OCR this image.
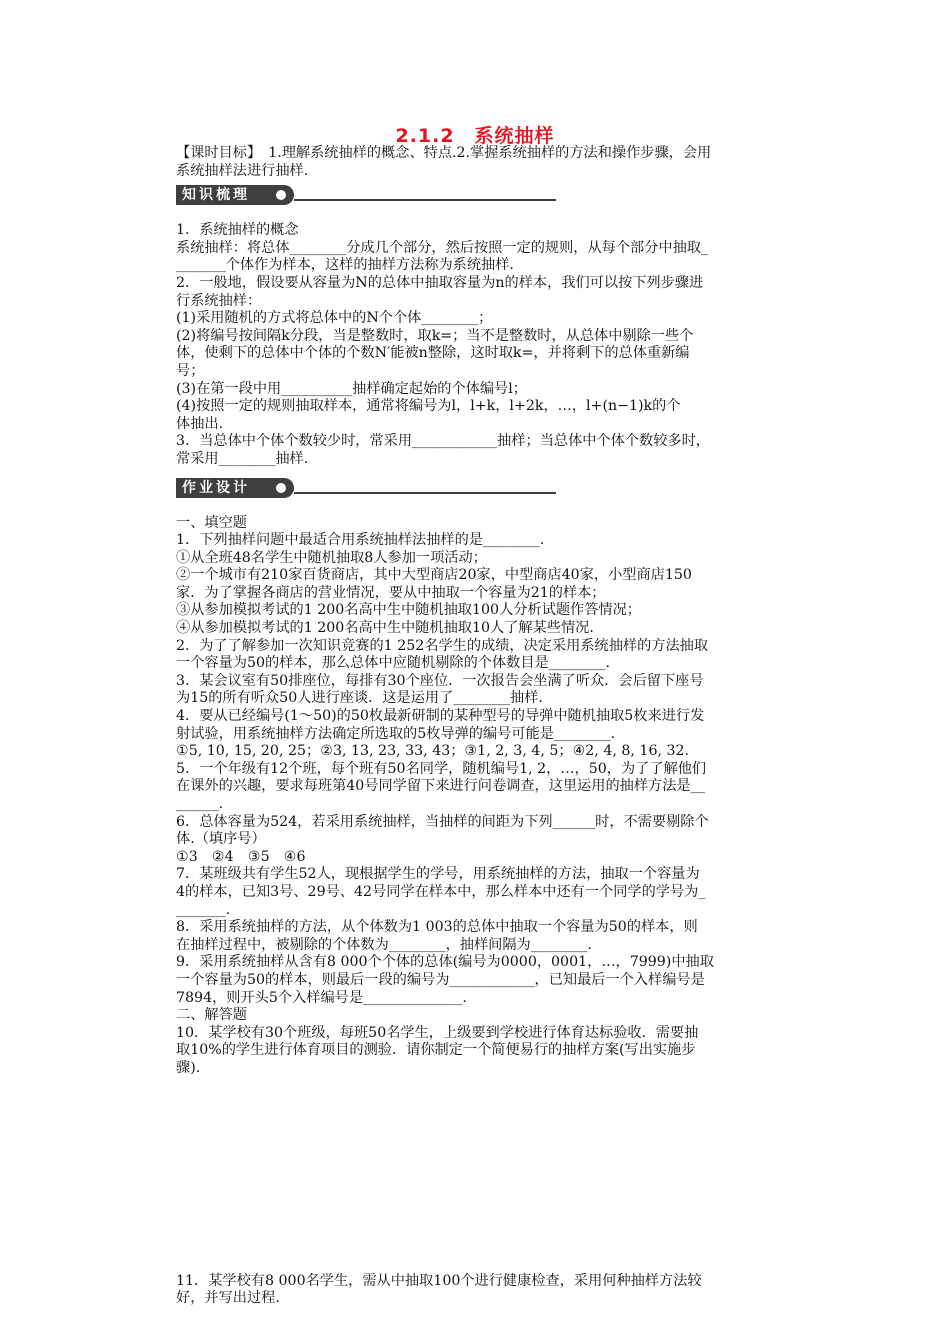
2.1.2　系统抽样
【课时目标】　1.理解系统抽样的概念、特点.2.掌握系统抽样的方法和操作步骤，会用
系统抽样法进行抽样.
知识梳理
1．系统抽样的概念
系统抽样：将总体________分成几个部分，然后按照一定的规则，从每个部分中抽取_
_______个体作为样本，这样的抽样方法称为系统抽样.
2．一般地，假设要从容量为N的总体中抽取容量为n的样本，我们可以按下列步骤进
行系统抽样：
(1)采用随机的方式将总体中的N个个体________；
(2)将编号按间隔k分段，当是整数时，取k=；当不是整数时，从总体中剔除一些个
体，使剩下的总体中个体的个数N′能被n整除，这时取k=，并将剩下的总体重新编
号；
(3)在第一段中用__________抽样确定起始的个体编号l；
(4)按照一定的规则抽取样本，通常将编号为l，l+k，l+2k，…，l+(n−1)k的个
体抽出.
3．当总体中个体个数较少时，常采用____________抽样；当总体中个体个数较多时，
常采用________抽样.
作业设计
一、填空题
1．下列抽样问题中最适合用系统抽样法抽样的是________.
①从全班48名学生中随机抽取8人参加一项活动；
②一个城市有210家百货商店，其中大型商店20家，中型商店40家，小型商店150
家．为了掌握各商店的营业情况，要从中抽取一个容量为21的样本；
③从参加模拟考试的1 200名高中生中随机抽取100人分析试题作答情况；
④从参加模拟考试的1 200名高中生中随机抽取10人了解某些情况.
2．为了了解参加一次知识竞赛的1 252名学生的成绩，决定采用系统抽样的方法抽取
一个容量为50的样本，那么总体中应随机剔除的个体数目是________.
3．某会议室有50排座位，每排有30个座位．一次报告会坐满了听众．会后留下座号
为15的所有听众50人进行座谈．这是运用了________抽样.
4．要从已经编号(1～50)的50枚最新研制的某种型号的导弹中随机抽取5枚来进行发
射试验，用系统抽样方法确定所选取的5枚导弹的编号可能是________.
①5, 10, 15, 20, 25；②3, 13, 23, 33, 43；③1, 2, 3, 4, 5；④2, 4, 8, 16, 32.
5．一个年级有12个班，每个班有50名同学，随机编号1, 2，…，50，为了了解他们
在课外的兴趣，要求每班第40号同学留下来进行问卷调查，这里运用的抽样方法是__
______.
6．总体容量为524，若采用系统抽样，当抽样的间距为下列______时，不需要剔除个
体.（填序号）
①3　②4　③5　④6
7．某班级共有学生52人，现根据学生的学号，用系统抽样的方法，抽取一个容量为
4的样本，已知3号、29号、42号同学在样本中，那么样本中还有一个同学的学号为_
_______.
8．采用系统抽样的方法，从个体数为1 003的总体中抽取一个容量为50的样本，则
在抽样过程中，被剔除的个体数为________，抽样间隔为________.
9．采用系统抽样从含有8 000个个体的总体(编号为0000，0001，…，7999)中抽取
一个容量为50的样本，则最后一段的编号为____________，已知最后一个入样编号是
7894，则开头5个入样编号是______________.
二、解答题
10．某学校有30个班级，每班50名学生，上级要到学校进行体育达标验收．需要抽
取10%的学生进行体育项目的测验．请你制定一个简便易行的抽样方案(写出实施步
骤).
11．某学校有8 000名学生，需从中抽取100个进行健康检查，采用何种抽样方法较
好，并写出过程.
